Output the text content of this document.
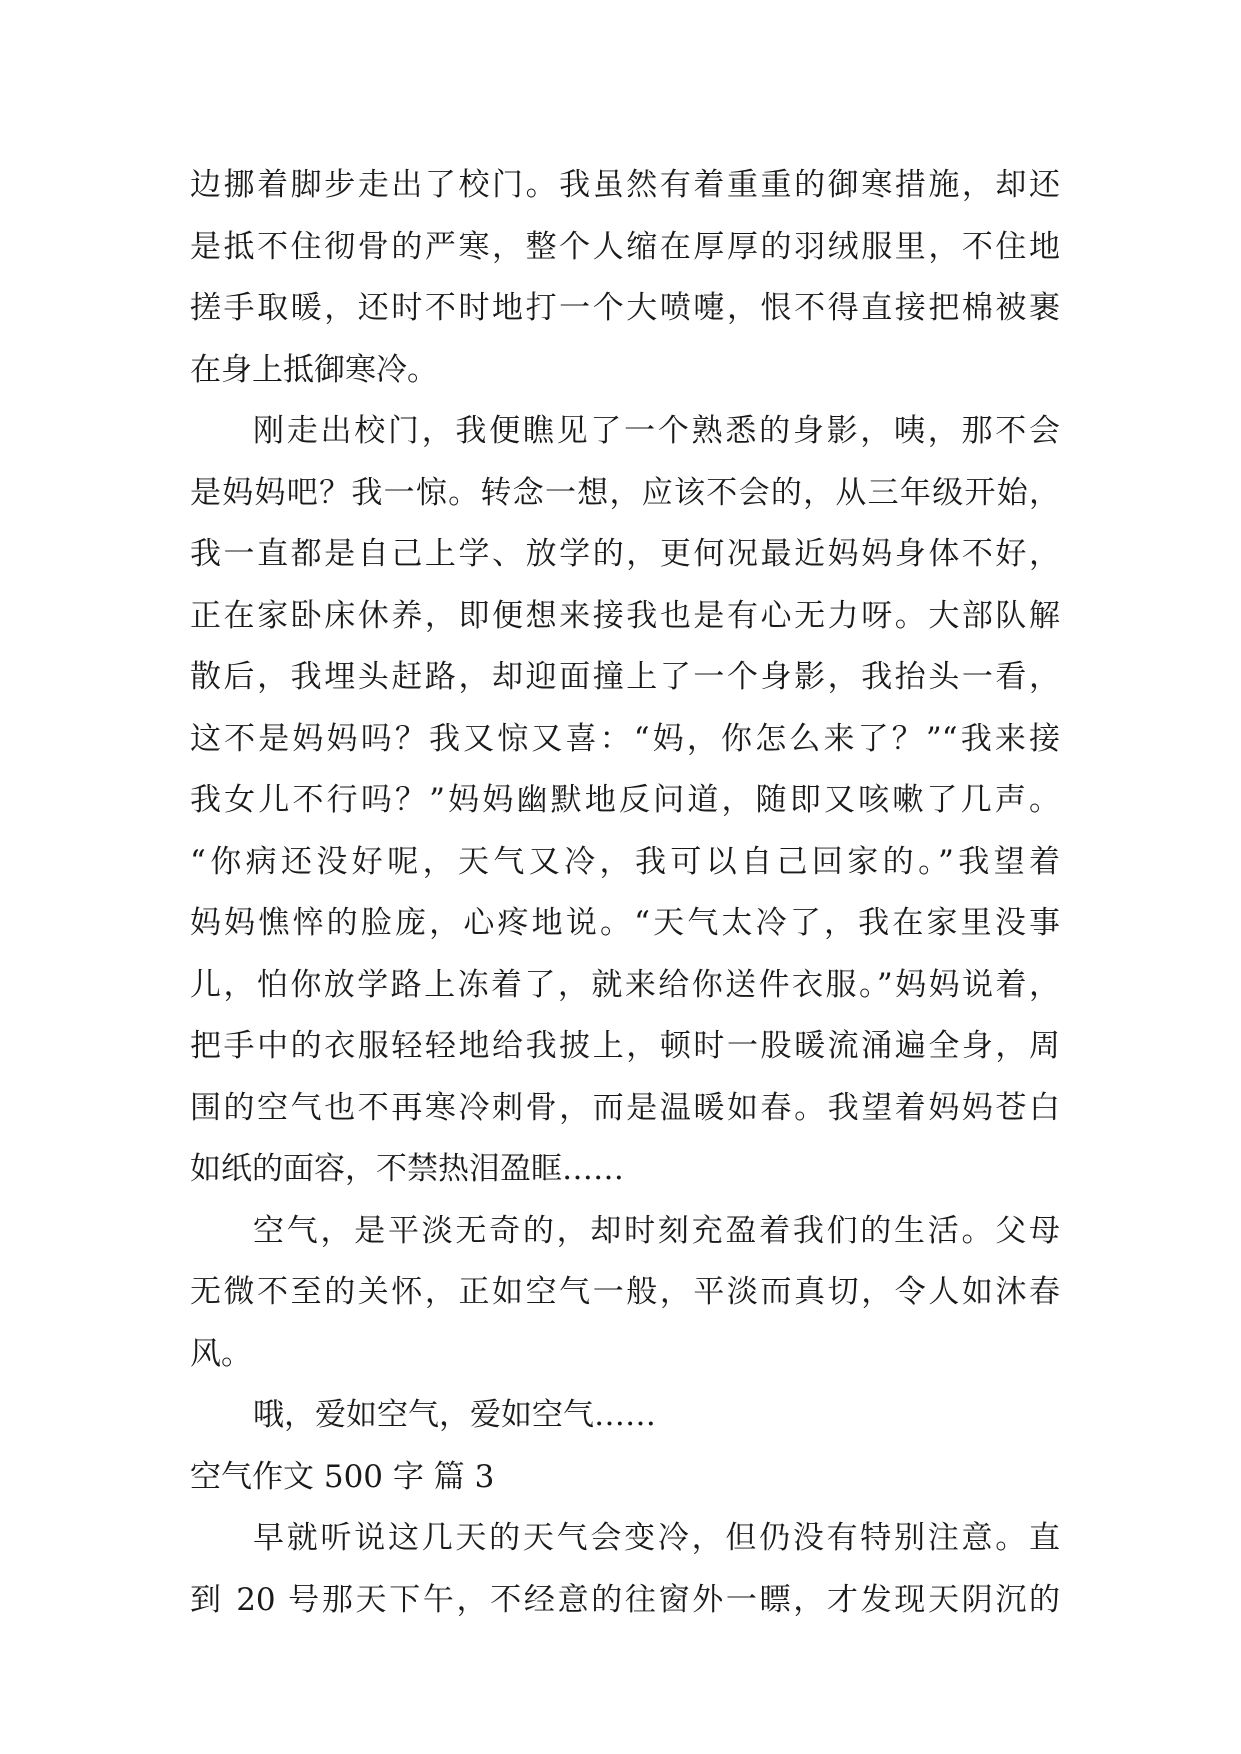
边挪着脚步走出了校门。我虽然有着重重的御寒措施，却还
是抵不住彻骨的严寒，整个人缩在厚厚的羽绒服里，不住地
搓手取暖，还时不时地打一个大喷嚏，恨不得直接把棉被裹
在身上抵御寒冷。
刚走出校门，我便瞧见了一个熟悉的身影，咦，那不会
是妈妈吧？我一惊。转念一想，应该不会的，从三年级开始，
我一直都是自己上学、放学的，更何况最近妈妈身体不好，
正在家卧床休养，即便想来接我也是有心无力呀。大部队解
散后，我埋头赶路，却迎面撞上了一个身影，我抬头一看，
这不是妈妈吗？我又惊又喜：“妈，你怎么来了？”“我来接
我女儿不行吗？”妈妈幽默地反问道，随即又咳嗽了几声。
“你病还没好呢，天气又冷，我可以自己回家的。”我望着
妈妈憔悴的脸庞，心疼地说。“天气太冷了，我在家里没事
儿，怕你放学路上冻着了，就来给你送件衣服。”妈妈说着，
把手中的衣服轻轻地给我披上，顿时一股暖流涌遍全身，周
围的空气也不再寒冷刺骨，而是温暖如春。我望着妈妈苍白
如纸的面容，不禁热泪盈眶……
空气，是平淡无奇的，却时刻充盈着我们的生活。父母
无微不至的关怀，正如空气一般，平淡而真切，令人如沐春
风。
哦，爱如空气，爱如空气……
空气作文 500 字 篇 3
早就听说这几天的天气会变冷，但仍没有特别注意。直
到 20 号那天下午，不经意的往窗外一瞟，才发现天阴沉的
